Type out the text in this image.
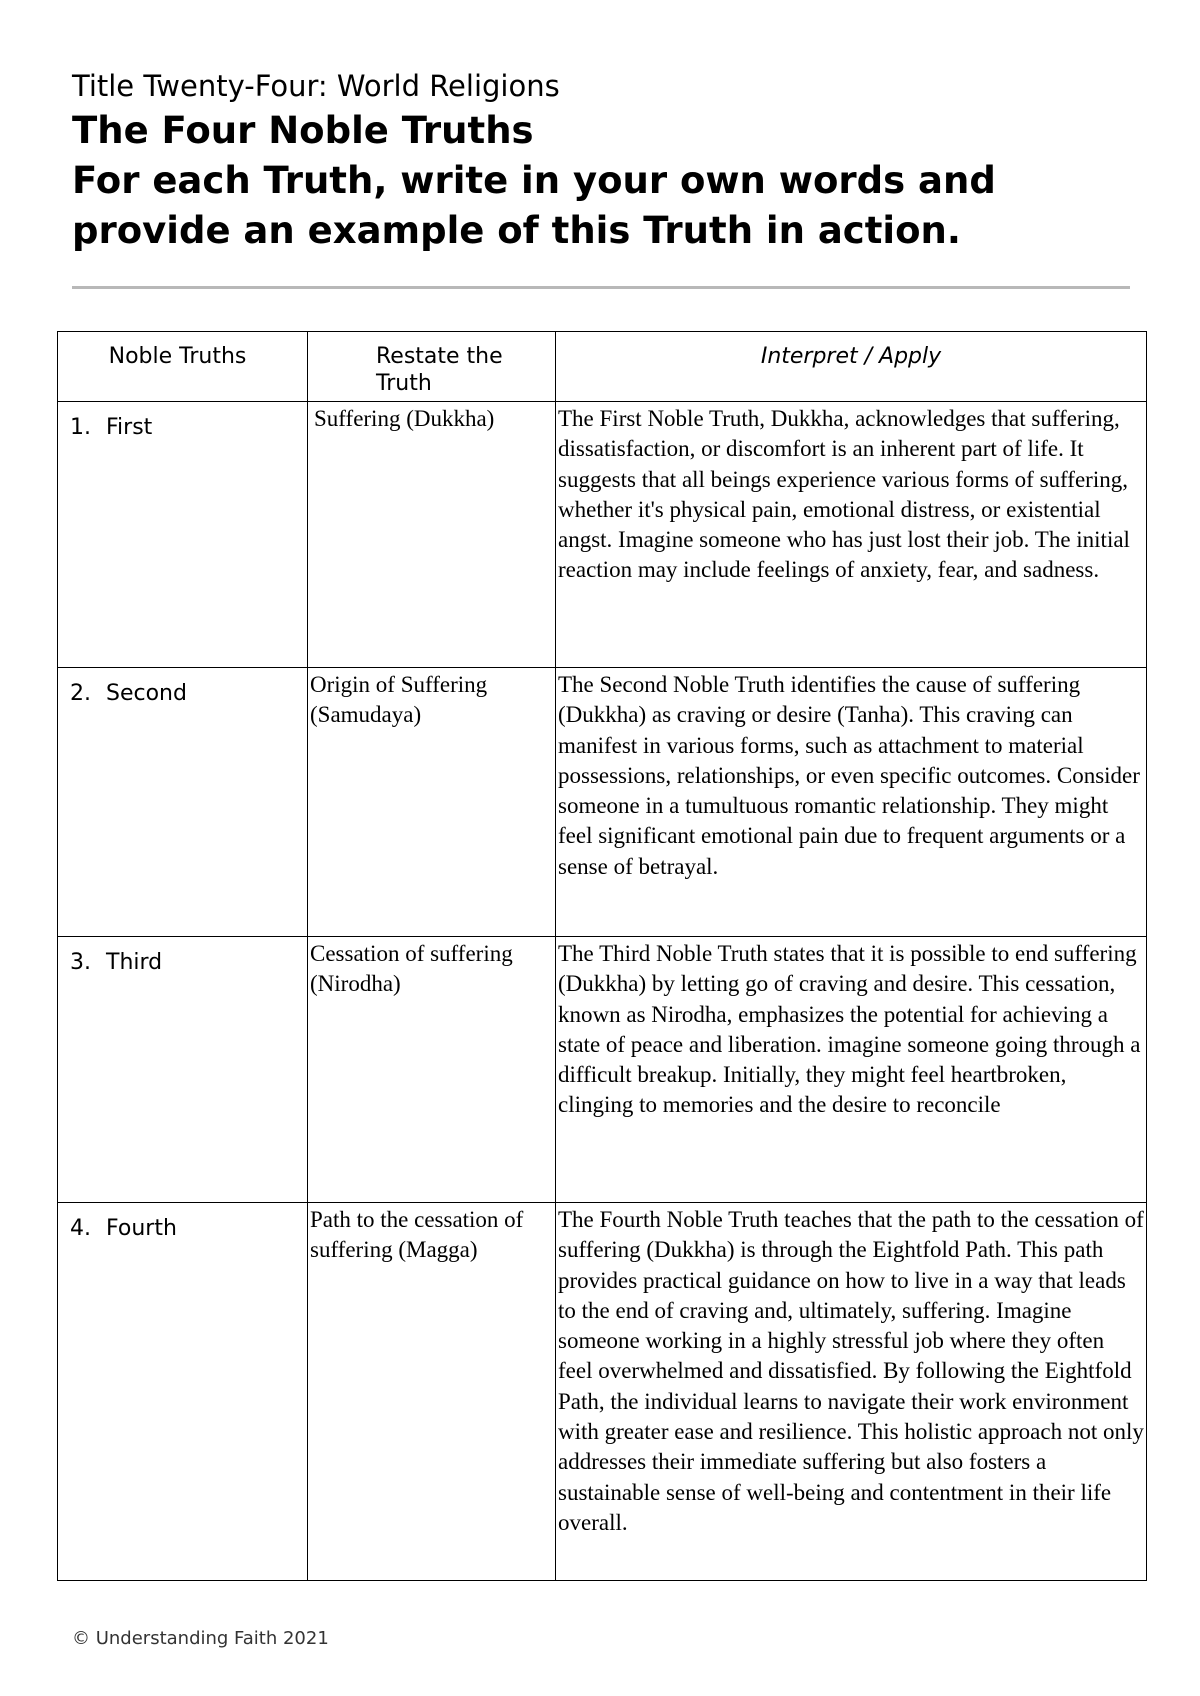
Title Twenty-Four: World Religions
The Four Noble Truths
For each Truth, write in your own words and provide an example of this Truth in action.
Noble Truths	Restate the Truth	Interpret / Apply
1. First	Suffering (Dukkha)	The First Noble Truth, Dukkha, acknowledges that suffering, dissatisfaction, or discomfort is an inherent part of life. It suggests that all beings experience various forms of suffering, whether it's physical pain, emotional distress, or existential angst. Imagine someone who has just lost their job. The initial reaction may include feelings of anxiety, fear, and sadness.
2. Second	Origin of Suffering (Samudaya)	The Second Noble Truth identifies the cause of suffering (Dukkha) as craving or desire (Tanha). This craving can manifest in various forms, such as attachment to material possessions, relationships, or even specific outcomes. Consider someone in a tumultuous romantic relationship. They might feel significant emotional pain due to frequent arguments or a sense of betrayal.
3. Third	Cessation of suffering (Nirodha)	The Third Noble Truth states that it is possible to end suffering (Dukkha) by letting go of craving and desire. This cessation, known as Nirodha, emphasizes the potential for achieving a state of peace and liberation. imagine someone going through a difficult breakup. Initially, they might feel heartbroken, clinging to memories and the desire to reconcile
4. Fourth	Path to the cessation of suffering (Magga)	The Fourth Noble Truth teaches that the path to the cessation of suffering (Dukkha) is through the Eightfold Path. This path provides practical guidance on how to live in a way that leads to the end of craving and, ultimately, suffering. Imagine someone working in a highly stressful job where they often feel overwhelmed and dissatisfied. By following the Eightfold Path, the individual learns to navigate their work environment with greater ease and resilience. This holistic approach not only addresses their immediate suffering but also fosters a sustainable sense of well-being and contentment in their life overall.
© Understanding Faith 2021
